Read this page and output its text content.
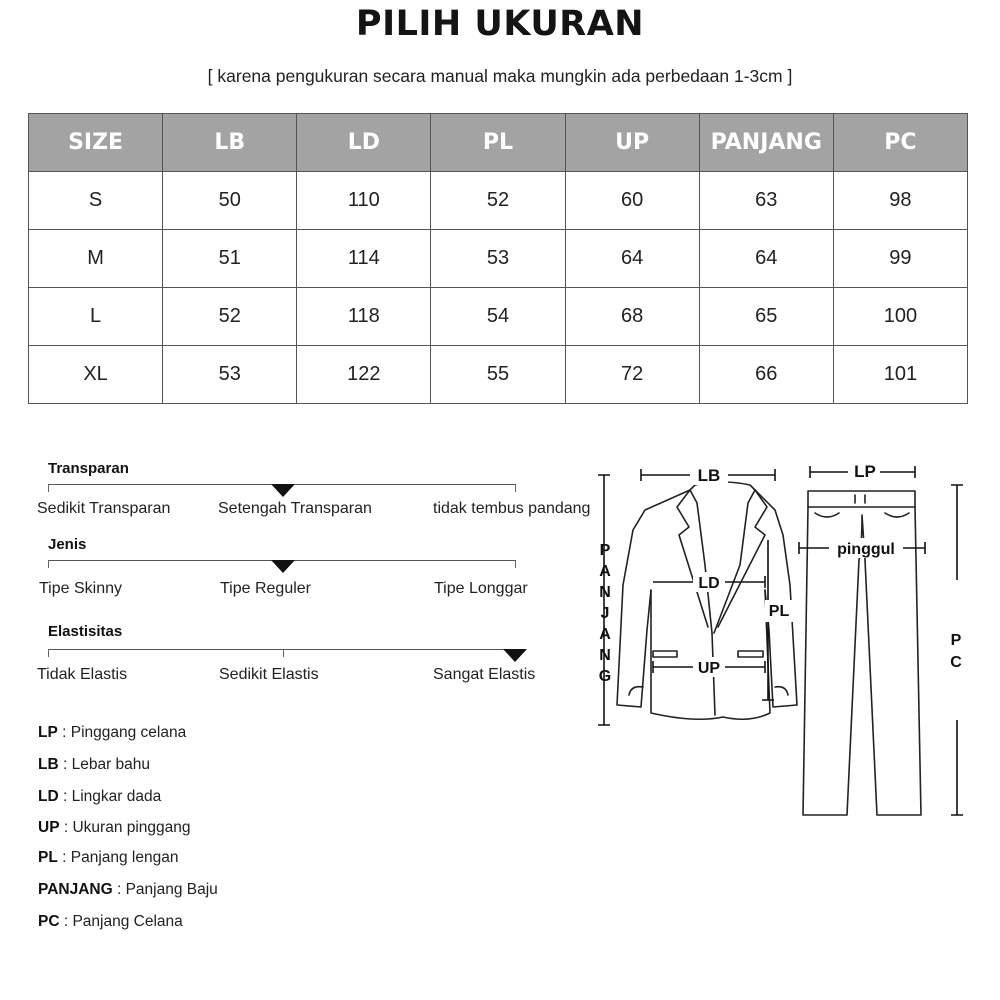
PILIH UKURAN
[ karena pengukuran secara manual maka mungkin ada perbedaan 1-3cm ]
SIZE	LB	LD	PL	UP	PANJANG	PC
S	50	110	52	60	63	98
M	51	114	53	64	64	99
L	52	118	54	68	65	100
XL	53	122	55	72	66	101
Transparan
Sedikit Transparan	Setengah Transparan	tidak tembus pandang
Jenis
Tipe Skinny	Tipe Reguler	Tipe Longgar
Elastisitas
Tidak Elastis	Sedikit Elastis	Sangat Elastis
LP : Pinggang celana
LB : Lebar bahu
LD : Lingkar dada
UP : Ukuran pinggang
PL : Panjang lengan
PANJANG : Panjang Baju
PC : Panjang Celana
LB	LP
LD
UP
PL
pinggul
P A N J A N G
P C
